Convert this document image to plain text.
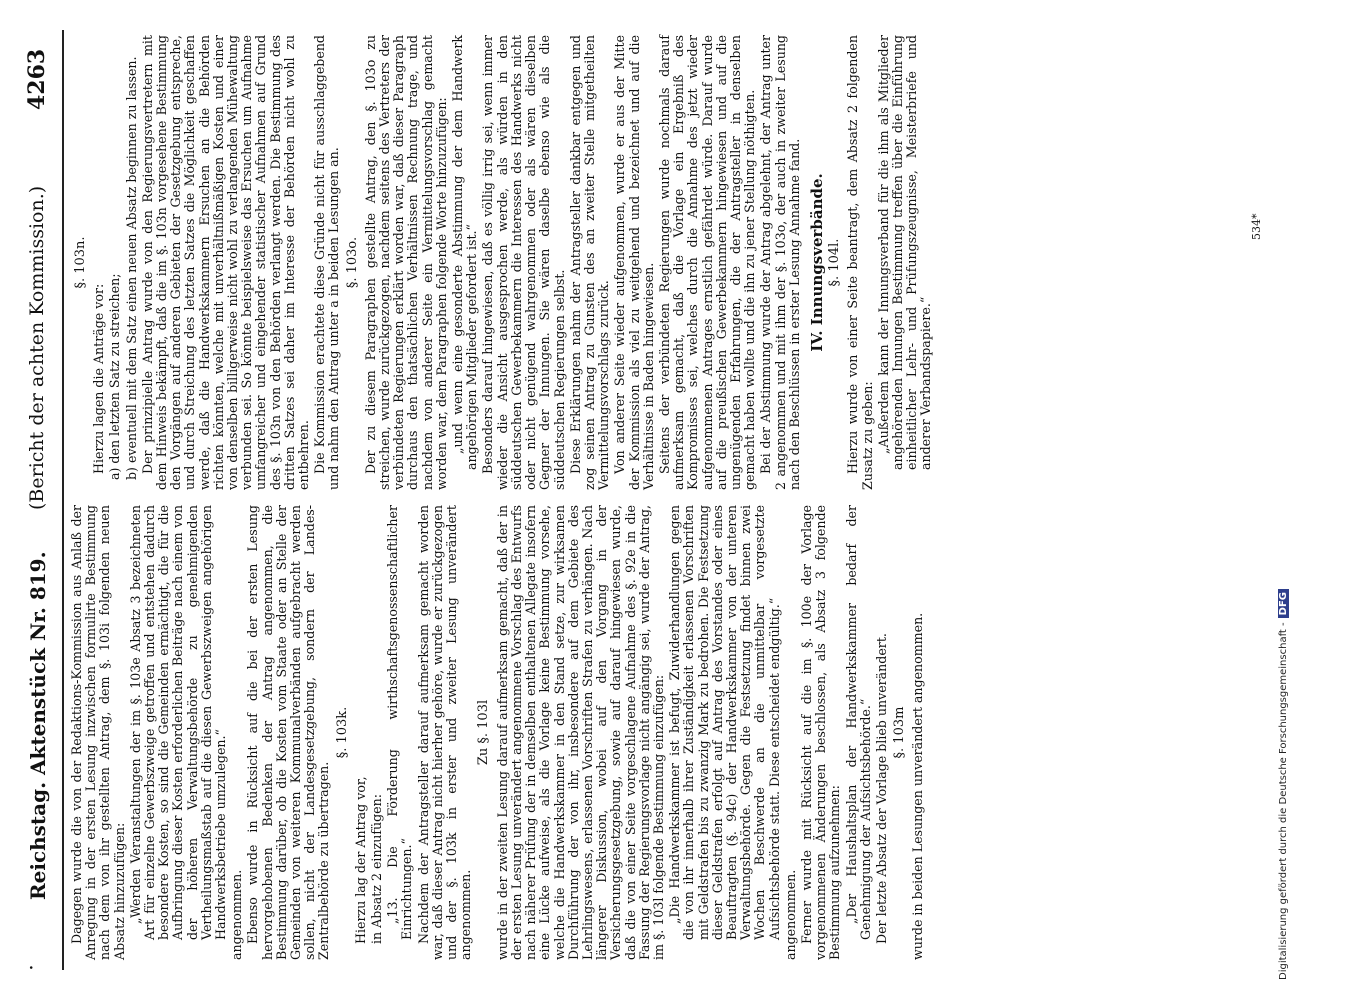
·
Reichstag. Aktenstück Nr. 819.
(Bericht der achten Kommission.)
4263

Dagegen wurde die von der Redaktions-Kommission aus Anlaß der Anregung in der ersten Lesung inzwischen formulirte Bestimmung nach dem von ihr gestellten Antrag, dem §. 103i folgenden neuen Absatz hinzuzufügen: „Werden Veranstaltungen der im §. 103e Absatz 3 bezeichneten Art für einzelne Gewerbszweige getroffen und entstehen dadurch besondere Kosten, so sind die Gemeinden ermächtigt, die für die Aufbringung dieser Kosten erforderlichen Beiträge nach einem von der höheren Verwaltungsbehörde zu genehmigenden Vertheilungsmaßstab auf die diesen Gewerbszweigen angehörigen Handwerksbetriebe umzulegen.“ angenommen. Ebenso wurde in Rücksicht auf die bei der ersten Lesung hervorgehobenen Bedenken der Antrag angenommen, die Bestimmung darüber, ob die Kosten vom Staate oder an Stelle der Gemeinden von weiteren Kommunalverbänden aufgebracht werden sollen, nicht der Landesgesetzgebung, sondern der Landes-Zentralbehörde zu übertragen.

§. 103k.

Hierzu lag der Antrag vor, in Absatz 2 einzufügen: „13. Die Förderung wirthschaftsgenossenschaftlicher Einrichtungen.“ Nachdem der Antragsteller darauf aufmerksam gemacht worden war, daß dieser Antrag nicht hierher gehöre, wurde er zurückgezogen und der §. 103k in erster und zweiter Lesung unverändert angenommen.

Zu §. 103l wurde in der zweiten Lesung darauf aufmerksam gemacht, daß der in der ersten Lesung unverändert angenommene Vorschlag des Entwurfs nach näherer Prüfung der in demselben enthaltenen Allegate insofern eine Lücke aufweise, als die Vorlage keine Bestimmung vorsehe, welche die Handwerkskammer in den Stand setze, zur wirksamen Durchführung der von ihr, insbesondere auf dem Gebiete des Lehrlingswesens, erlassenen Vorschriften Strafen zu verhängen. Nach längerer Diskussion, wobei auf den Vorgang in der Versicherungsgesetzgebung, sowie auf darauf hingewiesen wurde, daß die von einer Seite vorgeschlagene Aufnahme des §. 92e in die Fassung der Regierungsvorlage nicht angängig sei, wurde der Antrag, im §. 103l folgende Bestimmung einzufügen: „Die Handwerkskammer ist befugt, Zuwiderhandlungen gegen die von ihr innerhalb ihrer Zuständigkeit erlassenen Vorschriften mit Geldstrafen bis zu zwanzig Mark zu bedrohen. Die Festsetzung dieser Geldstrafen erfolgt auf Antrag des Vorstandes oder eines Beauftragten (§. 94c) der Handwerkskammer von der unteren Verwaltungsbehörde. Gegen die Festsetzung findet binnen zwei Wochen Beschwerde an die unmittelbar vorgesetzte Aufsichtsbehörde statt. Diese entscheidet endgültig.“ angenommen. Ferner wurde mit Rücksicht auf die im §. 100e der Vorlage vorgenommenen Änderungen beschlossen, als Absatz 3 folgende Bestimmung aufzunehmen: „Der Haushaltsplan der Handwerkskammer bedarf der Genehmigung der Aufsichtsbehörde.“ Der letzte Absatz der Vorlage blieb unverändert. §. 103m wurde in beiden Lesungen unverändert angenommen.

§. 103n.

Hierzu lagen die Anträge vor: a) den letzten Satz zu streichen; b) eventuell mit dem Satz einen neuen Absatz beginnen zu lassen. Der prinzipielle Antrag wurde von den Regierungsvertretern mit dem Hinweis bekämpft, daß die im §. 103n vorgesehene Bestimmung den Vorgängen auf anderen Gebieten der Gesetzgebung entspreche, und durch Streichung des letzten Satzes die Möglichkeit geschaffen werde, daß die Handwerkskammern Ersuchen an die Behörden richten könnten, welche mit unverhältnißmäßigen Kosten und einer von denselben billigerweise nicht wohl zu verlangenden Mühewaltung verbunden sei. So könnte beispielsweise das Ersuchen um Aufnahme umfangreicher und eingehender statistischer Aufnahmen auf Grund des §. 103n von den Behörden verlangt werden. Die Bestimmung des dritten Satzes sei daher im Interesse der Behörden nicht wohl zu entbehren. Die Kommission erachtete diese Gründe nicht für ausschlaggebend und nahm den Antrag unter a in beiden Lesungen an. §. 103o. Der zu diesem Paragraphen gestellte Antrag, den §. 103o zu streichen, wurde zurückgezogen, nachdem seitens des Vertreters der verbündeten Regierungen erklärt worden war, daß dieser Paragraph durchaus den thatsächlichen Verhältnissen Rechnung trage, und nachdem von anderer Seite ein Vermittelungsvorschlag gemacht worden war, dem Paragraphen folgende Worte hinzuzufügen: „und wenn eine gesonderte Abstimmung der dem Handwerk angehörigen Mitglieder gefordert ist.“ Besonders darauf hingewiesen, daß es völlig irrig sei, wenn immer wieder die Ansicht ausgesprochen werde, als würden in den süddeutschen Gewerbekammern die Interessen des Handwerks nicht oder nicht genügend wahrgenommen oder als wären dieselben Gegner der Innungen. Sie wären daselbe ebenso wie als die süddeutschen Regierungen selbst. Diese Erklärungen nahm der Antragsteller dankbar entgegen und zog seinen Antrag zu Gunsten des an zweiter Stelle mitgetheilten Vermittelungsvorschlags zurück. Von anderer Seite wieder aufgenommen, wurde er aus der Mitte der Kommission als viel zu weitgehend und bezeichnet und auf die Verhältnisse in Baden hingewiesen. Seitens der verbündeten Regierungen wurde nochmals darauf aufmerksam gemacht, daß die Vorlage ein Ergebniß des Kompromisses sei, welches durch die Annahme des jetzt wieder aufgenommenen Antrages ernstlich gefährdet würde. Darauf wurde auf die preußischen Gewerbekammern hingewiesen und auf die ungenügenden Erfahrungen, die der Antragsteller in denselben gemacht haben wollte und die ihn zu jener Stellung nöthigten. Bei der Abstimmung wurde der Antrag abgelehnt, der Antrag unter 2 angenommen und mit ihm der §. 103o, der auch in zweiter Lesung nach den Beschlüssen in erster Lesung Annahme fand. IV. Innungsverbände. §. 104l. Hierzu wurde von einer Seite beantragt, dem Absatz 2 folgenden Zusatz zu geben: „Außerdem kann der Innungsverband für die ihm als Mitglieder angehörenden Innungen Bestimmung treffen über die Einführung einheitlicher Lehr- und Prüfungszeugnisse, Meisterbriefe und anderer Verbandspapiere.“

534*
Digitalisierung gefördert durch die Deutsche Forschungsgemeinschaft -DFG
